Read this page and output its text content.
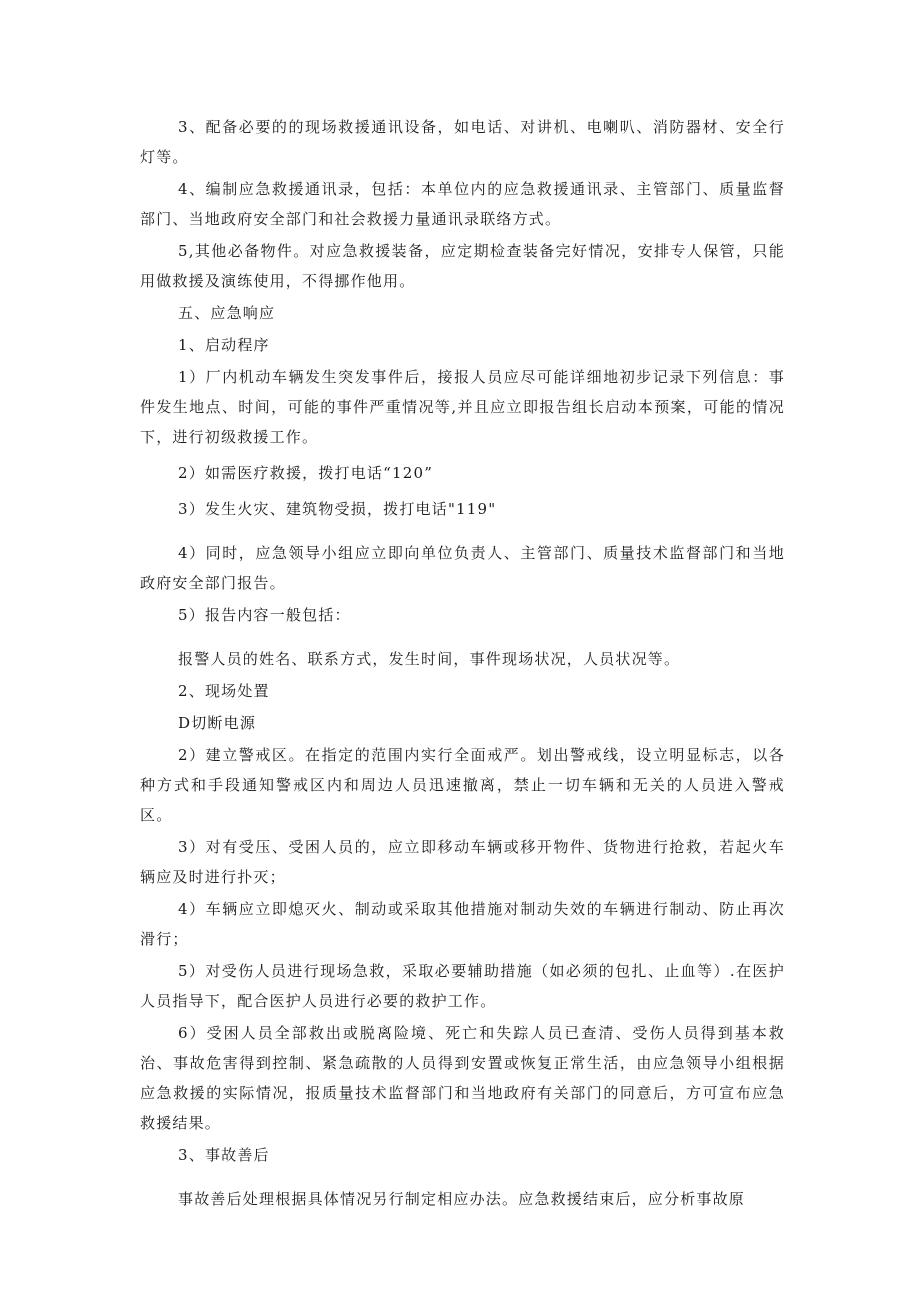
3、配备必要的的现场救援通讯设备，如电话、对讲机、电喇叭、消防器材、安全行灯等。

4、编制应急救援通讯录，包括：本单位内的应急救援通讯录、主管部门、质量监督部门、当地政府安全部门和社会救援力量通讯录联络方式。

5,其他必备物件。对应急救援装备，应定期检查装备完好情况，安排专人保管，只能用做救援及演练使用，不得挪作他用。

五、应急响应

1、启动程序

1）厂内机动车辆发生突发事件后，接报人员应尽可能详细地初步记录下列信息：事件发生地点、时间，可能的事件严重情况等,并且应立即报告组长启动本预案，可能的情况下，进行初级救援工作。

2）如需医疗救援，拨打电话“120”

3）发生火灾、建筑物受损，拨打电话"119"

4）同时，应急领导小组应立即向单位负责人、主管部门、质量技术监督部门和当地政府安全部门报告。

5）报告内容一般包括：

报警人员的姓名、联系方式，发生时间，事件现场状况，人员状况等。

2、现场处置

D切断电源

2）建立警戒区。在指定的范围内实行全面戒严。划出警戒线，设立明显标志，以各种方式和手段通知警戒区内和周边人员迅速撤离，禁止一切车辆和无关的人员进入警戒区。

3）对有受压、受困人员的，应立即移动车辆或移开物件、货物进行抢救，若起火车辆应及时进行扑灭；

4）车辆应立即熄灭火、制动或采取其他措施对制动失效的车辆进行制动、防止再次滑行；

5）对受伤人员进行现场急救，采取必要辅助措施（如必须的包扎、止血等）.在医护人员指导下，配合医护人员进行必要的救护工作。

6）受困人员全部救出或脱离险境、死亡和失踪人员已查清、受伤人员得到基本救治、事故危害得到控制、紧急疏散的人员得到安置或恢复正常生活，由应急领导小组根据应急救援的实际情况，报质量技术监督部门和当地政府有关部门的同意后，方可宣布应急救援结果。

3、事故善后

事故善后处理根据具体情况另行制定相应办法。应急救援结束后，应分析事故原
